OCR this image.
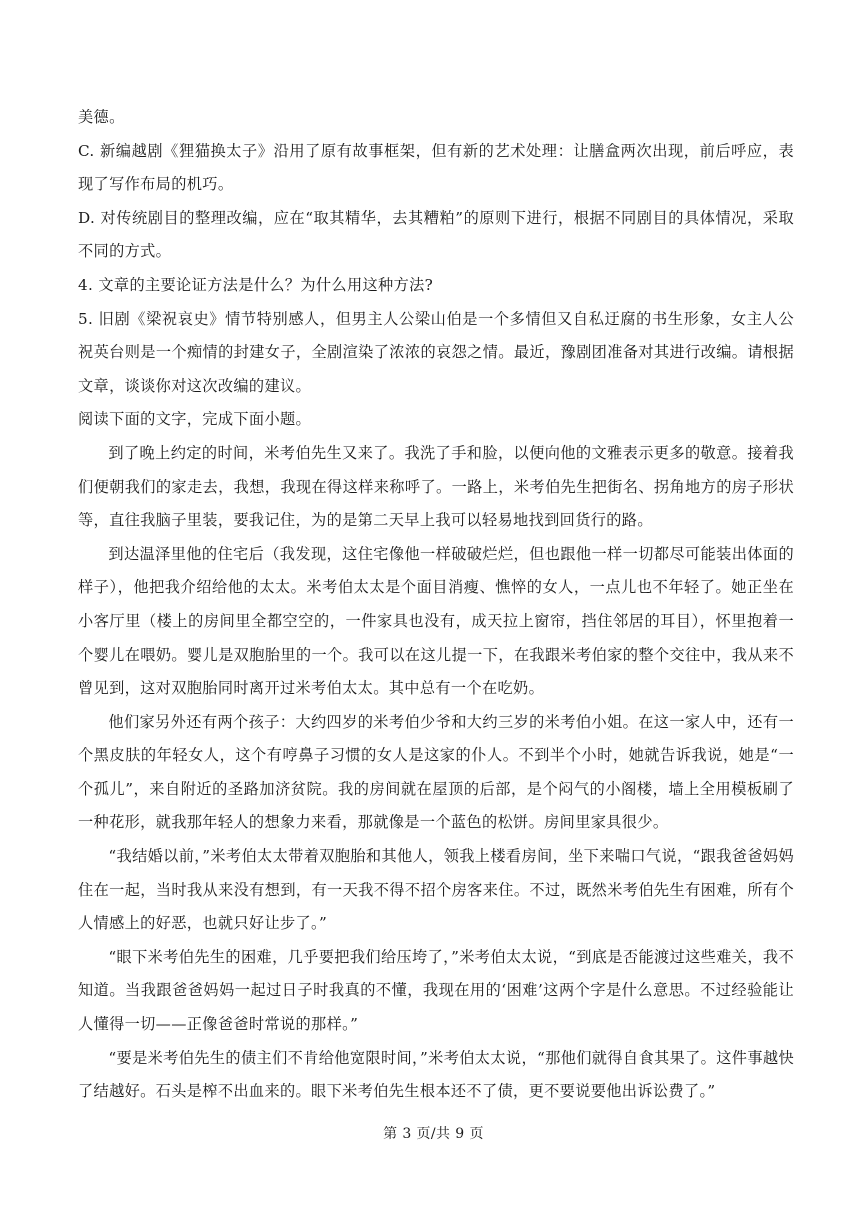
美德。

C. 新编越剧《狸猫换太子》沿用了原有故事框架，但有新的艺术处理：让膳盒两次出现，前后呼应，表现了写作布局的机巧。

D. 对传统剧目的整理改编，应在“取其精华，去其糟粕”的原则下进行，根据不同剧目的具体情况，采取不同的方式。

4. 文章的主要论证方法是什么？为什么用这种方法?

5. 旧剧《梁祝哀史》情节特别感人，但男主人公梁山伯是一个多情但又自私迂腐的书生形象，女主人公祝英台则是一个痴情的封建女子，全剧渲染了浓浓的哀怨之情。最近，豫剧团准备对其进行改编。请根据文章，谈谈你对这次改编的建议。

阅读下面的文字，完成下面小题。

到了晚上约定的时间，米考伯先生又来了。我洗了手和脸，以便向他的文雅表示更多的敬意。接着我们便朝我们的家走去，我想，我现在得这样来称呼了。一路上，米考伯先生把街名、拐角地方的房子形状等，直往我脑子里装，要我记住，为的是第二天早上我可以轻易地找到回货行的路。

到达温泽里他的住宅后（我发现，这住宅像他一样破破烂烂，但也跟他一样一切都尽可能装出体面的样子），他把我介绍给他的太太。米考伯太太是个面目消瘦、憔悴的女人，一点儿也不年轻了。她正坐在小客厅里（楼上的房间里全都空空的，一件家具也没有，成天拉上窗帘，挡住邻居的耳目），怀里抱着一个婴儿在喂奶。婴儿是双胞胎里的一个。我可以在这儿提一下，在我跟米考伯家的整个交往中，我从来不曾见到，这对双胞胎同时离开过米考伯太太。其中总有一个在吃奶。

他们家另外还有两个孩子：大约四岁的米考伯少爷和大约三岁的米考伯小姐。在这一家人中，还有一个黑皮肤的年轻女人，这个有哼鼻子习惯的女人是这家的仆人。不到半个小时，她就告诉我说，她是“一个孤儿”，来自附近的圣路加济贫院。我的房间就在屋顶的后部，是个闷气的小阁楼，墙上全用模板刷了一种花形，就我那年轻人的想象力来看，那就像是一个蓝色的松饼。房间里家具很少。

“我结婚以前，”米考伯太太带着双胞胎和其他人，领我上楼看房间，坐下来喘口气说，“跟我爸爸妈妈住在一起，当时我从来没有想到，有一天我不得不招个房客来住。不过，既然米考伯先生有困难，所有个人情感上的好恶，也就只好让步了。”

“眼下米考伯先生的困难，几乎要把我们给压垮了，”米考伯太太说，“到底是否能渡过这些难关，我不知道。当我跟爸爸妈妈一起过日子时我真的不懂，我现在用的‘困难’这两个字是什么意思。不过经验能让人懂得一切——正像爸爸时常说的那样。”

“要是米考伯先生的债主们不肯给他宽限时间，”米考伯太太说，“那他们就得自食其果了。这件事越快了结越好。石头是榨不出血来的。眼下米考伯先生根本还不了债，更不要说要他出诉讼费了。”

第 3 页/共 9 页
